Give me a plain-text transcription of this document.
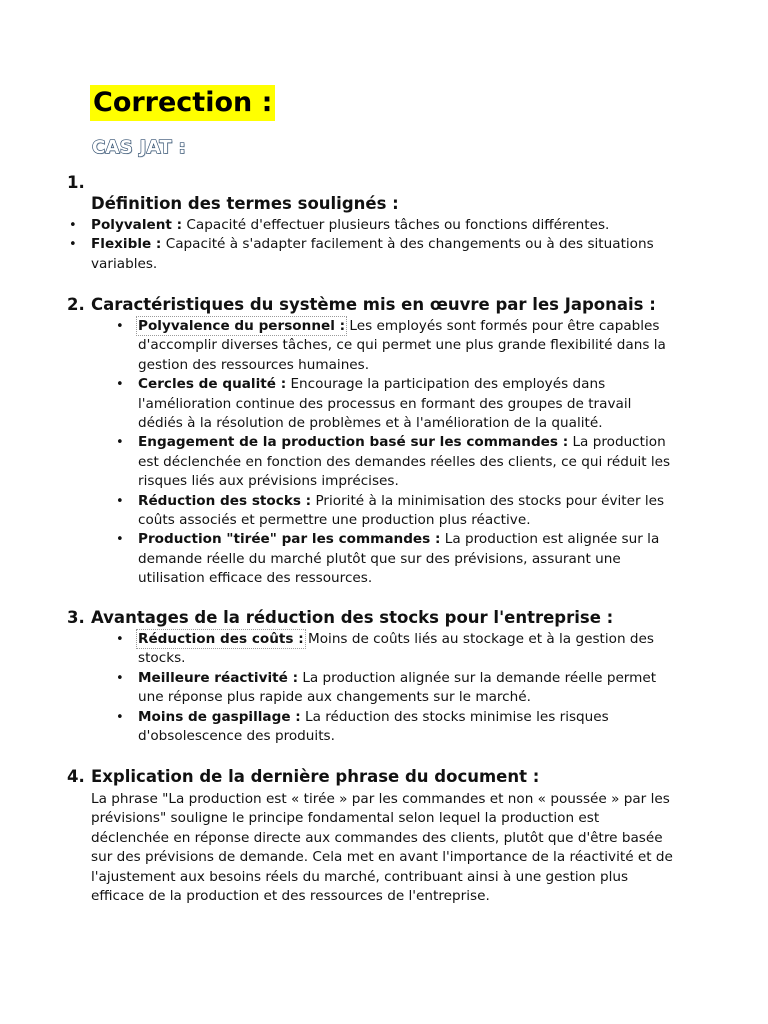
Correction :
CAS JAT :
1.
Définition des termes soulignés :
• Polyvalent : Capacité d'effectuer plusieurs tâches ou fonctions différentes.
• Flexible : Capacité à s'adapter facilement à des changements ou à des situations variables.
2. Caractéristiques du système mis en œuvre par les Japonais :
• Polyvalence du personnel : Les employés sont formés pour être capables d'accomplir diverses tâches, ce qui permet une plus grande flexibilité dans la gestion des ressources humaines.
• Cercles de qualité : Encourage la participation des employés dans l'amélioration continue des processus en formant des groupes de travail dédiés à la résolution de problèmes et à l'amélioration de la qualité.
• Engagement de la production basé sur les commandes : La production est déclenchée en fonction des demandes réelles des clients, ce qui réduit les risques liés aux prévisions imprécises.
• Réduction des stocks : Priorité à la minimisation des stocks pour éviter les coûts associés et permettre une production plus réactive.
• Production "tirée" par les commandes : La production est alignée sur la demande réelle du marché plutôt que sur des prévisions, assurant une utilisation efficace des ressources.
3. Avantages de la réduction des stocks pour l'entreprise :
• Réduction des coûts : Moins de coûts liés au stockage et à la gestion des stocks.
• Meilleure réactivité : La production alignée sur la demande réelle permet une réponse plus rapide aux changements sur le marché.
• Moins de gaspillage : La réduction des stocks minimise les risques d'obsolescence des produits.
4. Explication de la dernière phrase du document :
La phrase "La production est « tirée » par les commandes et non « poussée » par les prévisions" souligne le principe fondamental selon lequel la production est déclenchée en réponse directe aux commandes des clients, plutôt que d'être basée sur des prévisions de demande. Cela met en avant l'importance de la réactivité et de l'ajustement aux besoins réels du marché, contribuant ainsi à une gestion plus efficace de la production et des ressources de l'entreprise.
